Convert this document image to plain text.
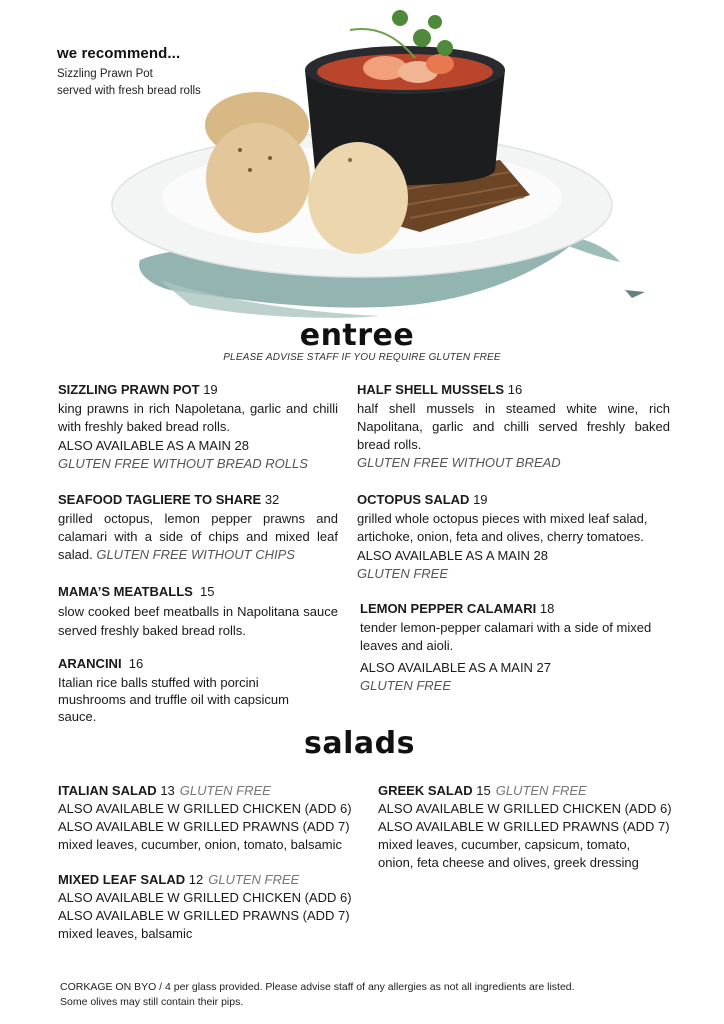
we recommend...
Sizzling Prawn Pot
served with fresh bread rolls
entree
PLEASE ADVISE STAFF IF YOU REQUIRE GLUTEN FREE
SIZZLING PRAWN POT 19
king prawns in rich Napoletana, garlic and chilli with freshly baked bread rolls.
ALSO AVAILABLE AS A MAIN 28
GLUTEN FREE WITHOUT BREAD ROLLS
HALF SHELL MUSSELS 16
half shell mussels in steamed white wine, rich Napolitana, garlic and chilli served freshly baked bread rolls.
GLUTEN FREE WITHOUT BREAD
SEAFOOD TAGLIERE TO SHARE 32
grilled octopus, lemon pepper prawns and calamari with a side of chips and mixed leaf salad. GLUTEN FREE WITHOUT CHIPS
OCTOPUS SALAD 19
grilled whole octopus pieces with mixed leaf salad, artichoke, onion, feta and olives, cherry tomatoes.
ALSO AVAILABLE AS A MAIN 28
GLUTEN FREE
MAMA’S MEATBALLS 15
slow cooked beef meatballs in Napolitana sauce served freshly baked bread rolls.
LEMON PEPPER CALAMARI 18
tender lemon-pepper calamari with a side of mixed leaves and aioli.
ALSO AVAILABLE AS A MAIN 27
GLUTEN FREE
ARANCINI 16
Italian rice balls stuffed with porcini mushrooms and truffle oil with capsicum sauce.
salads
ITALIAN SALAD 13 GLUTEN FREE
ALSO AVAILABLE W GRILLED CHICKEN (ADD 6)
ALSO AVAILABLE W GRILLED PRAWNS (ADD 7)
mixed leaves, cucumber, onion, tomato, balsamic
GREEK SALAD 15 GLUTEN FREE
ALSO AVAILABLE W GRILLED CHICKEN (ADD 6)
ALSO AVAILABLE W GRILLED PRAWNS (ADD 7)
mixed leaves, cucumber, capsicum, tomato, onion, feta cheese and olives, greek dressing
MIXED LEAF SALAD 12 GLUTEN FREE
ALSO AVAILABLE W GRILLED CHICKEN (ADD 6)
ALSO AVAILABLE W GRILLED PRAWNS (ADD 7)
mixed leaves, balsamic
CORKAGE ON BYO / 4 per glass provided. Please advise staff of any allergies as not all ingredients are listed.
Some olives may still contain their pips.
